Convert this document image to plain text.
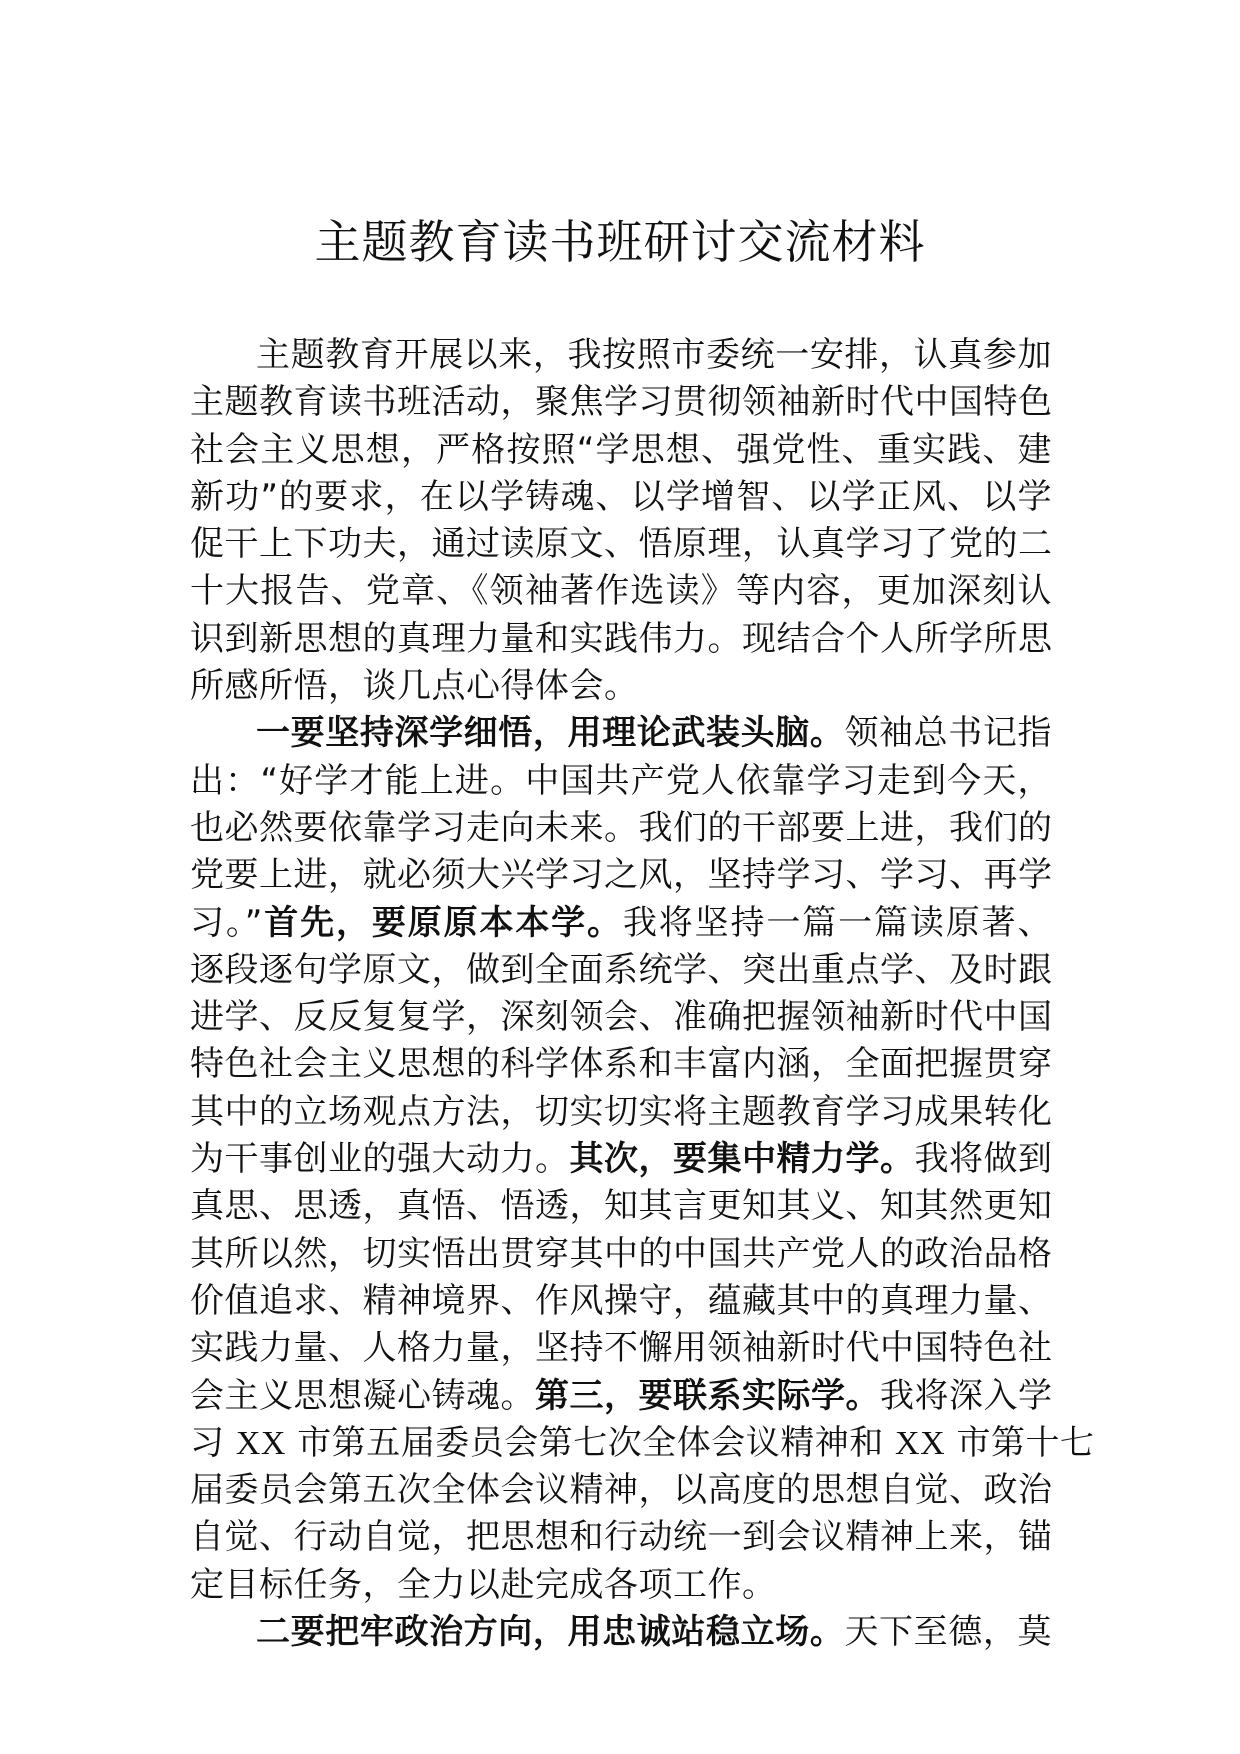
主题教育读书班研讨交流材料
主题教育开展以来，我按照市委统一安排，认真参加
主题教育读书班活动，聚焦学习贯彻领袖新时代中国特色
社会主义思想，严格按照“学思想、强党性、重实践、建
新功”的要求，在以学铸魂、以学增智、以学正风、以学
促干上下功夫，通过读原文、悟原理，认真学习了党的二
十大报告、党章、《领袖著作选读》等内容，更加深刻认
识到新思想的真理力量和实践伟力。现结合个人所学所思
所感所悟，谈几点心得体会。
一要坚持深学细悟，用理论武装头脑。领袖总书记指
出：“好学才能上进。中国共产党人依靠学习走到今天，
也必然要依靠学习走向未来。我们的干部要上进，我们的
党要上进，就必须大兴学习之风，坚持学习、学习、再学
习。”首先，要原原本本学。我将坚持一篇一篇读原著、
逐段逐句学原文，做到全面系统学、突出重点学、及时跟
进学、反反复复学，深刻领会、准确把握领袖新时代中国
特色社会主义思想的科学体系和丰富内涵，全面把握贯穿
其中的立场观点方法，切实切实将主题教育学习成果转化
为干事创业的强大动力。其次，要集中精力学。我将做到
真思、思透，真悟、悟透，知其言更知其义、知其然更知
其所以然，切实悟出贯穿其中的中国共产党人的政治品格
价值追求、精神境界、作风操守，蕴藏其中的真理力量、
实践力量、人格力量，坚持不懈用领袖新时代中国特色社
会主义思想凝心铸魂。第三，要联系实际学。我将深入学
习 XX 市第五届委员会第七次全体会议精神和 XX 市第十七
届委员会第五次全体会议精神，以高度的思想自觉、政治
自觉、行动自觉，把思想和行动统一到会议精神上来，锚
定目标任务，全力以赴完成各项工作。
二要把牢政治方向，用忠诚站稳立场。天下至德，莫
